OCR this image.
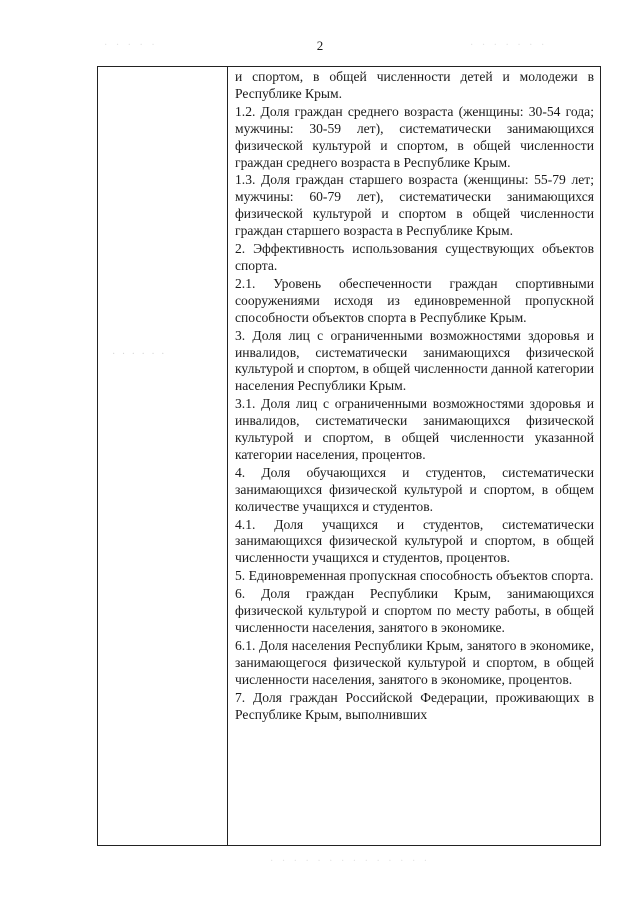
2
· · · · ·	· · · · · · ·
· · · · · ·

и спортом, в общей численности детей и молодежи в Республике Крым.

1.2. Доля граждан среднего возраста (женщины: 30-54 года; мужчины: 30-59 лет), систематически занимающихся физической культурой и спортом, в общей численности граждан среднего возраста в Республике Крым.

1.3. Доля граждан старшего возраста (женщины: 55-79 лет; мужчины: 60-79 лет), систематически занимающихся физической культурой и спортом в общей численности граждан старшего возраста в Республике Крым.

2. Эффективность использования существующих объектов спорта.

2.1. Уровень обеспеченности граждан спортивными сооружениями исходя из единовременной пропускной способности объектов спорта в Республике Крым.

3. Доля лиц с ограниченными возможностями здоровья и инвалидов, систематически занимающихся физической культурой и спортом, в общей численности данной категории населения Республики Крым.

3.1. Доля лиц с ограниченными возможностями здоровья и инвалидов, систематически занимающихся физической культурой и спортом, в общей численности указанной категории населения, процентов.

4. Доля обучающихся и студентов, систематически занимающихся физической культурой и спортом, в общем количестве учащихся и студентов.

4.1. Доля учащихся и студентов, систематически занимающихся физической культурой и спортом, в общей численности учащихся и студентов, процентов.

5. Единовременная пропускная способность объектов спорта.

6. Доля граждан Республики Крым, занимающихся физической культурой и спортом по месту работы, в общей численности населения, занятого в экономике.

6.1. Доля населения Республики Крым, занятого в экономике, занимающегося физической культурой и спортом, в общей численности населения, занятого в экономике, процентов.

7. Доля граждан Российской Федерации, проживающих в Республике Крым, выполнивших

· · · · · · · · · · · · · ·
